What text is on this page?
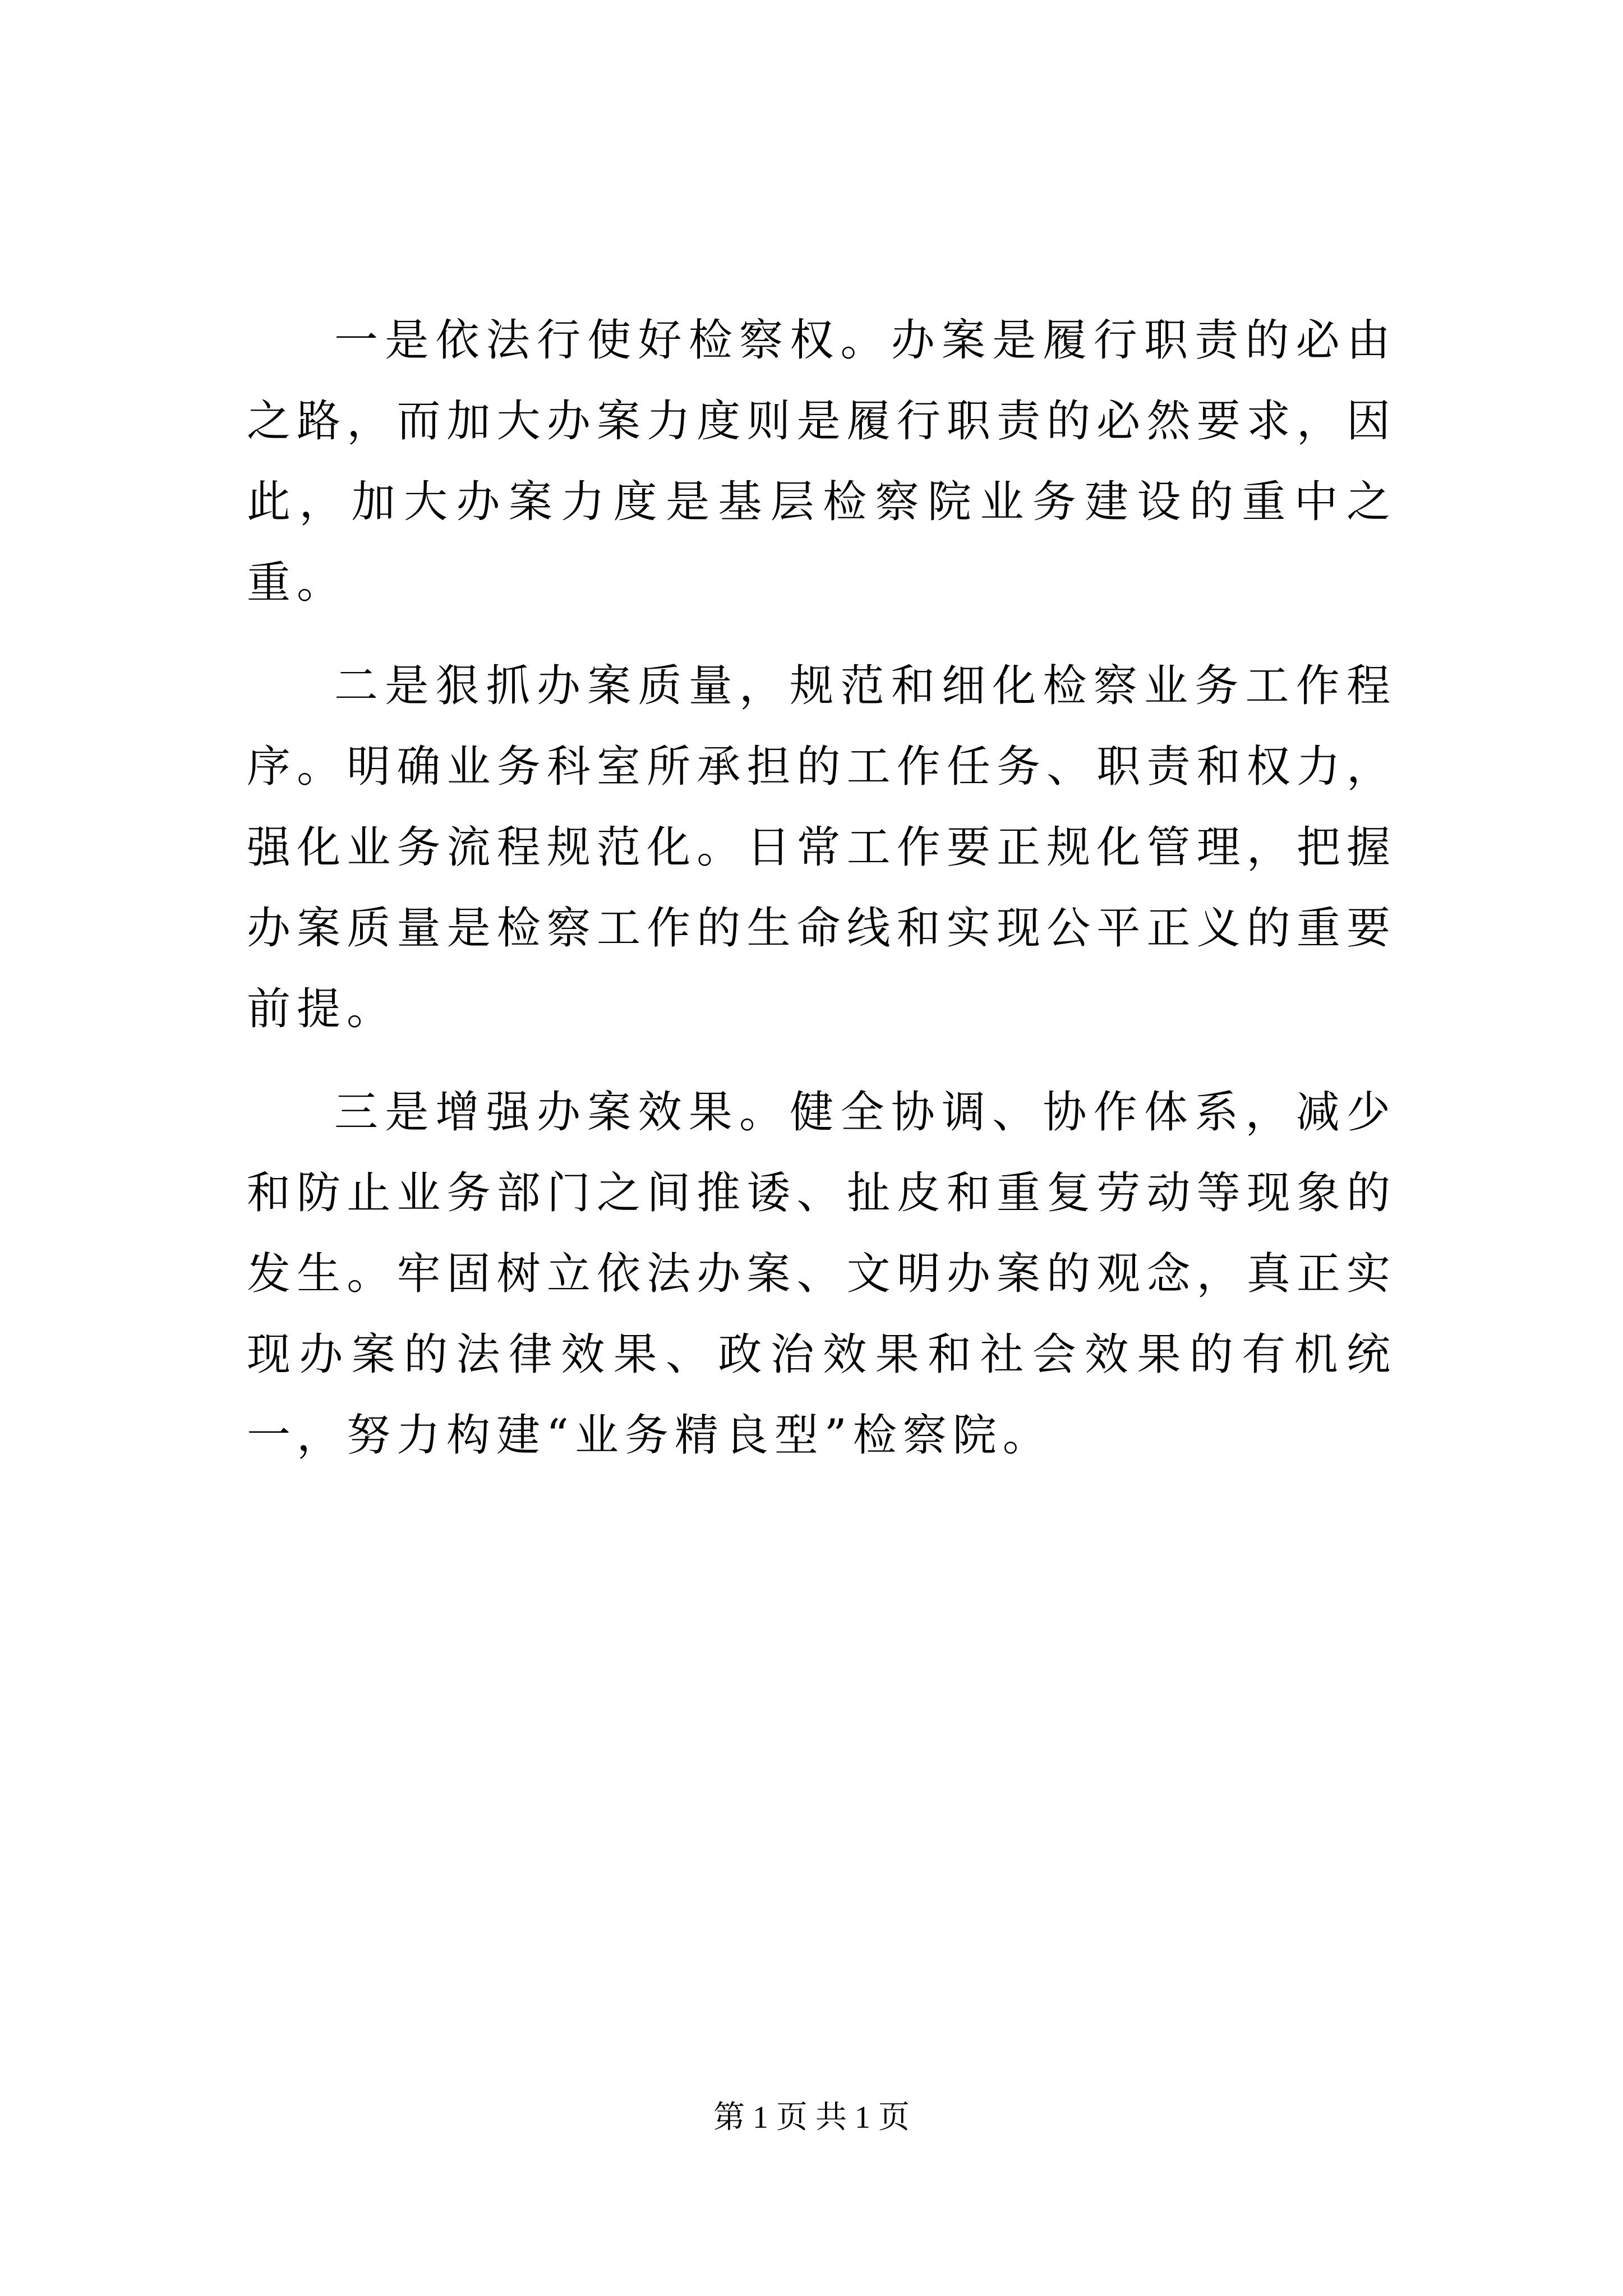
一是依法行使好检察权。办案是履行职责的必由之路，而加大办案力度则是履行职责的必然要求，因此，加大办案力度是基层检察院业务建设的重中之重。

二是狠抓办案质量，规范和细化检察业务工作程序。明确业务科室所承担的工作任务、职责和权力，强化业务流程规范化。日常工作要正规化管理，把握办案质量是检察工作的生命线和实现公平正义的重要前提。

三是增强办案效果。健全协调、协作体系，减少和防止业务部门之间推诿、扯皮和重复劳动等现象的发生。牢固树立依法办案、文明办案的观念，真正实现办案的法律效果、政治效果和社会效果的有机统一，努力构建“业务精良型”检察院。

第 1 页 共 1 页
